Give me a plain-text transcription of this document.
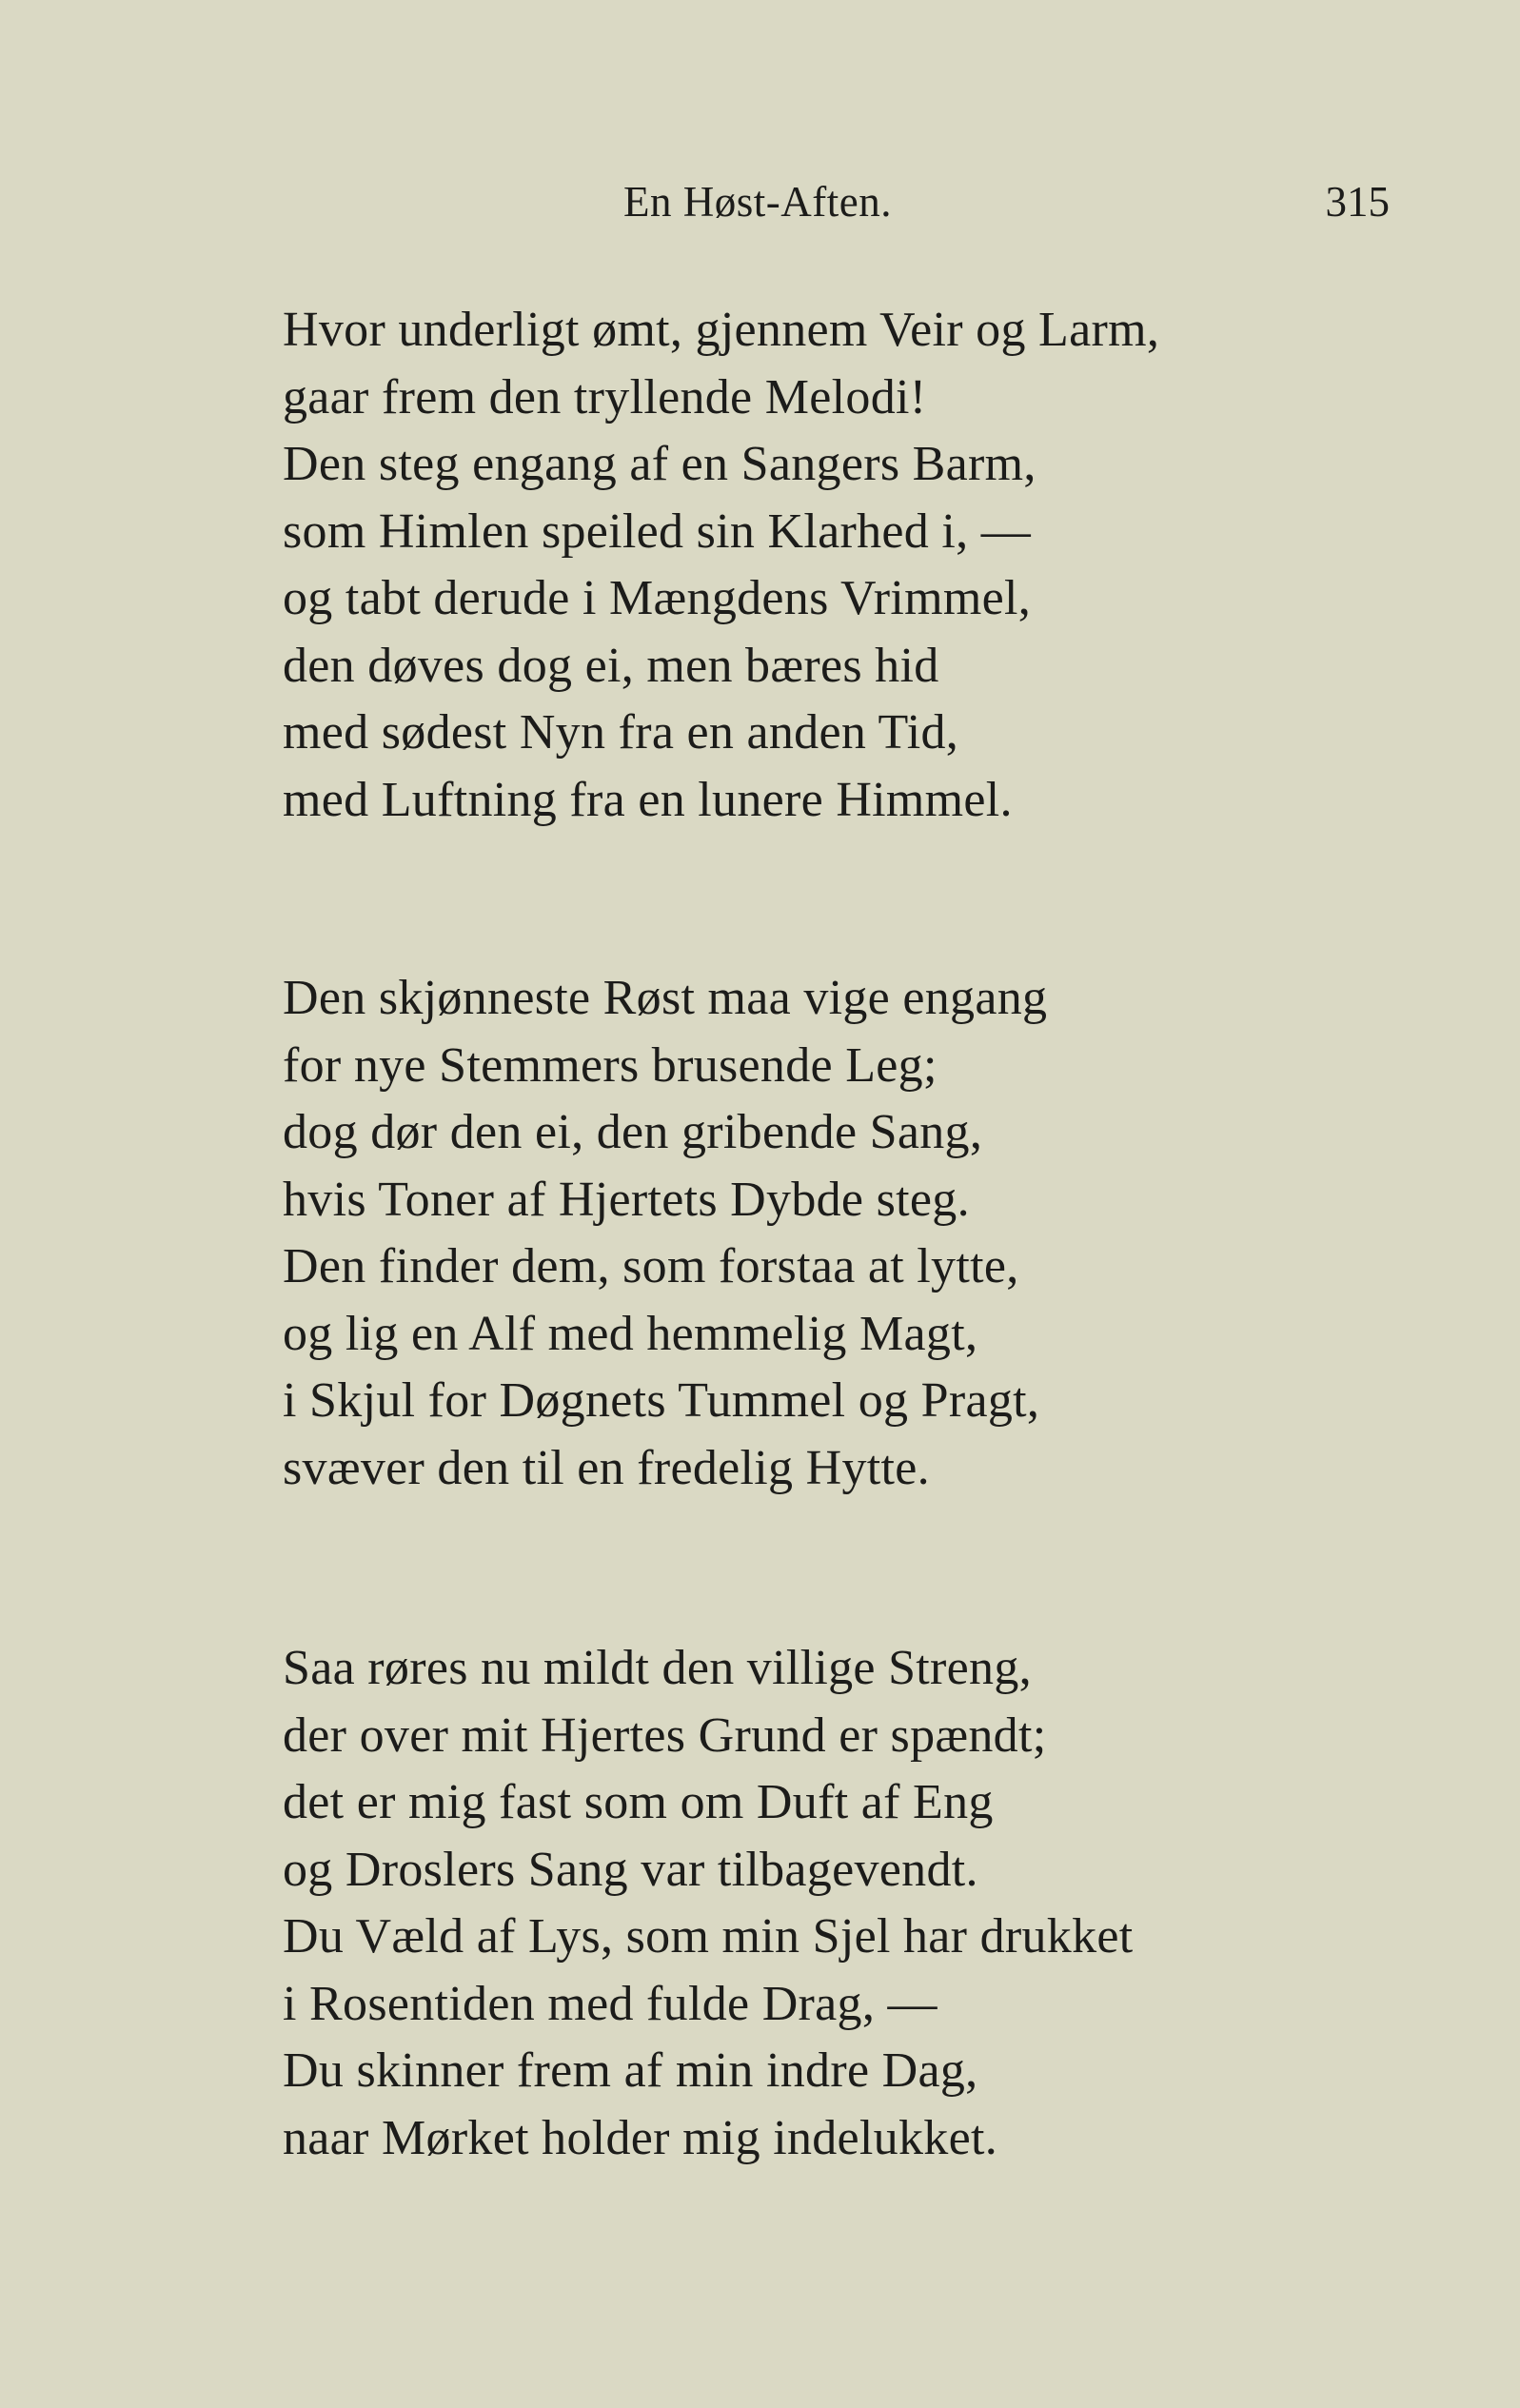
En Høst-Aften.	315
Hvor underligt ømt, gjennem Veir og Larm,
gaar frem den tryllende Melodi!
Den steg engang af en Sangers Barm,
som Himlen speiled sin Klarhed i, —
og tabt derude i Mængdens Vrimmel,
den døves dog ei, men bæres hid
med sødest Nyn fra en anden Tid,
med Luftning fra en lunere Himmel.
Den skjønneste Røst maa vige engang
for nye Stemmers brusende Leg;
dog dør den ei, den gribende Sang,
hvis Toner af Hjertets Dybde steg.
Den finder dem, som forstaa at lytte,
og lig en Alf med hemmelig Magt,
i Skjul for Døgnets Tummel og Pragt,
svæver den til en fredelig Hytte.
Saa røres nu mildt den villige Streng,
der over mit Hjertes Grund er spændt;
det er mig fast som om Duft af Eng
og Droslers Sang var tilbagevendt.
Du Væld af Lys, som min Sjel har drukket
i Rosentiden med fulde Drag, —
Du skinner frem af min indre Dag,
naar Mørket holder mig indelukket.
